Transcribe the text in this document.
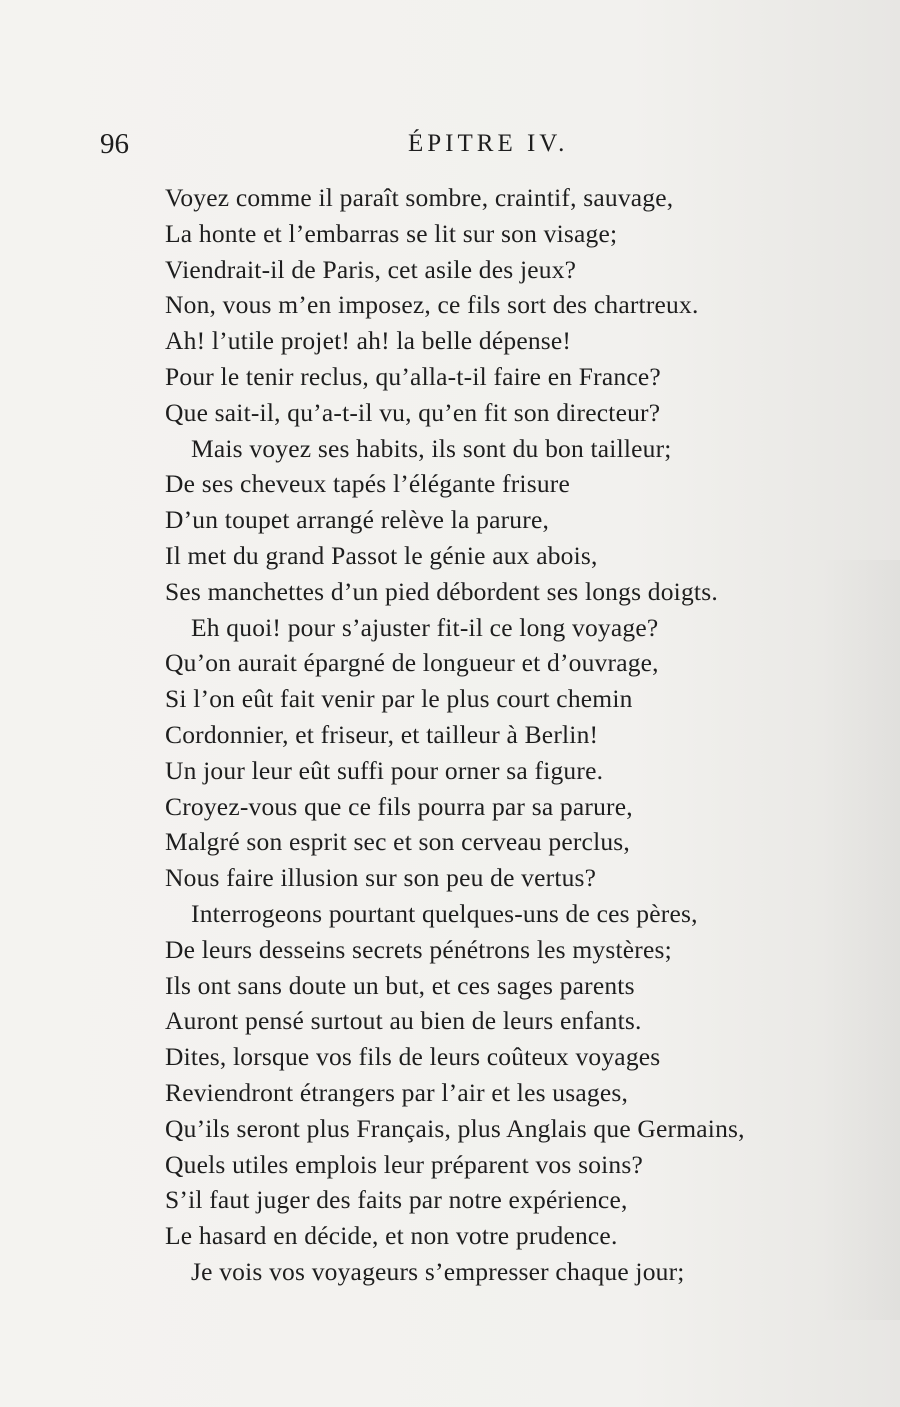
96	ÉPITRE IV.
Voyez comme il paraît sombre, craintif, sauvage,
La honte et l’embarras se lit sur son visage;
Viendrait-il de Paris, cet asile des jeux?
Non, vous m’en imposez, ce fils sort des chartreux.
Ah! l’utile projet! ah! la belle dépense!
Pour le tenir reclus, qu’alla-t-il faire en France?
Que sait-il, qu’a-t-il vu, qu’en fit son directeur?
Mais voyez ses habits, ils sont du bon tailleur;
De ses cheveux tapés l’élégante frisure
D’un toupet arrangé relève la parure,
Il met du grand Passot le génie aux abois,
Ses manchettes d’un pied débordent ses longs doigts.
Eh quoi! pour s’ajuster fit-il ce long voyage?
Qu’on aurait épargné de longueur et d’ouvrage,
Si l’on eût fait venir par le plus court chemin
Cordonnier, et friseur, et tailleur à Berlin!
Un jour leur eût suffi pour orner sa figure.
Croyez-vous que ce fils pourra par sa parure,
Malgré son esprit sec et son cerveau perclus,
Nous faire illusion sur son peu de vertus?
Interrogeons pourtant quelques-uns de ces pères,
De leurs desseins secrets pénétrons les mystères;
Ils ont sans doute un but, et ces sages parents
Auront pensé surtout au bien de leurs enfants.
Dites, lorsque vos fils de leurs coûteux voyages
Reviendront étrangers par l’air et les usages,
Qu’ils seront plus Français, plus Anglais que Germains,
Quels utiles emplois leur préparent vos soins?
S’il faut juger des faits par notre expérience,
Le hasard en décide, et non votre prudence.
Je vois vos voyageurs s’empresser chaque jour;
